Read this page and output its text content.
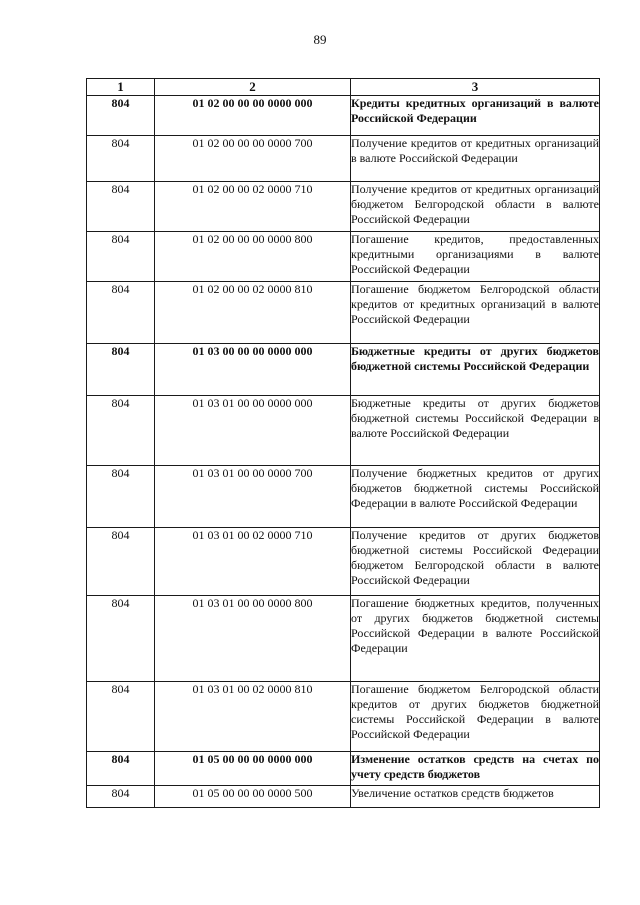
89
1	2	3
804	01 02 00 00 00 0000 000	Кредиты кредитных организаций в валюте Российской Федерации
804	01 02 00 00 00 0000 700	Получение кредитов от кредитных организаций в валюте Российской Федерации
804	01 02 00 00 02 0000 710	Получение кредитов от кредитных организаций бюджетом Белгородской области в валюте Российской Федерации
804	01 02 00 00 00 0000 800	Погашение кредитов, предоставленных кредитными организациями в валюте Российской Федерации
804	01 02 00 00 02 0000 810	Погашение бюджетом Белгородской области кредитов от кредитных организаций в валюте Российской Федерации
804	01 03 00 00 00 0000 000	Бюджетные кредиты от других бюджетов бюджетной системы Российской Федерации
804	01 03 01 00 00 0000 000	Бюджетные кредиты от других бюджетов бюджетной системы Российской Федерации в валюте Российской Федерации
804	01 03 01 00 00 0000 700	Получение бюджетных кредитов от других бюджетов бюджетной системы Российской Федерации в валюте Российской Федерации
804	01 03 01 00 02 0000 710	Получение кредитов от других бюджетов бюджетной системы Российской Федерации бюджетом Белгородской области в валюте Российской Федерации
804	01 03 01 00 00 0000 800	Погашение бюджетных кредитов, полученных от других бюджетов бюджетной системы Российской Федерации в валюте Российской Федерации
804	01 03 01 00 02 0000 810	Погашение бюджетом Белгородской области кредитов от других бюджетов бюджетной системы Российской Федерации в валюте Российской Федерации
804	01 05 00 00 00 0000 000	Изменение остатков средств на счетах по учету средств бюджетов
804	01 05 00 00 00 0000 500	Увеличение остатков средств бюджетов
